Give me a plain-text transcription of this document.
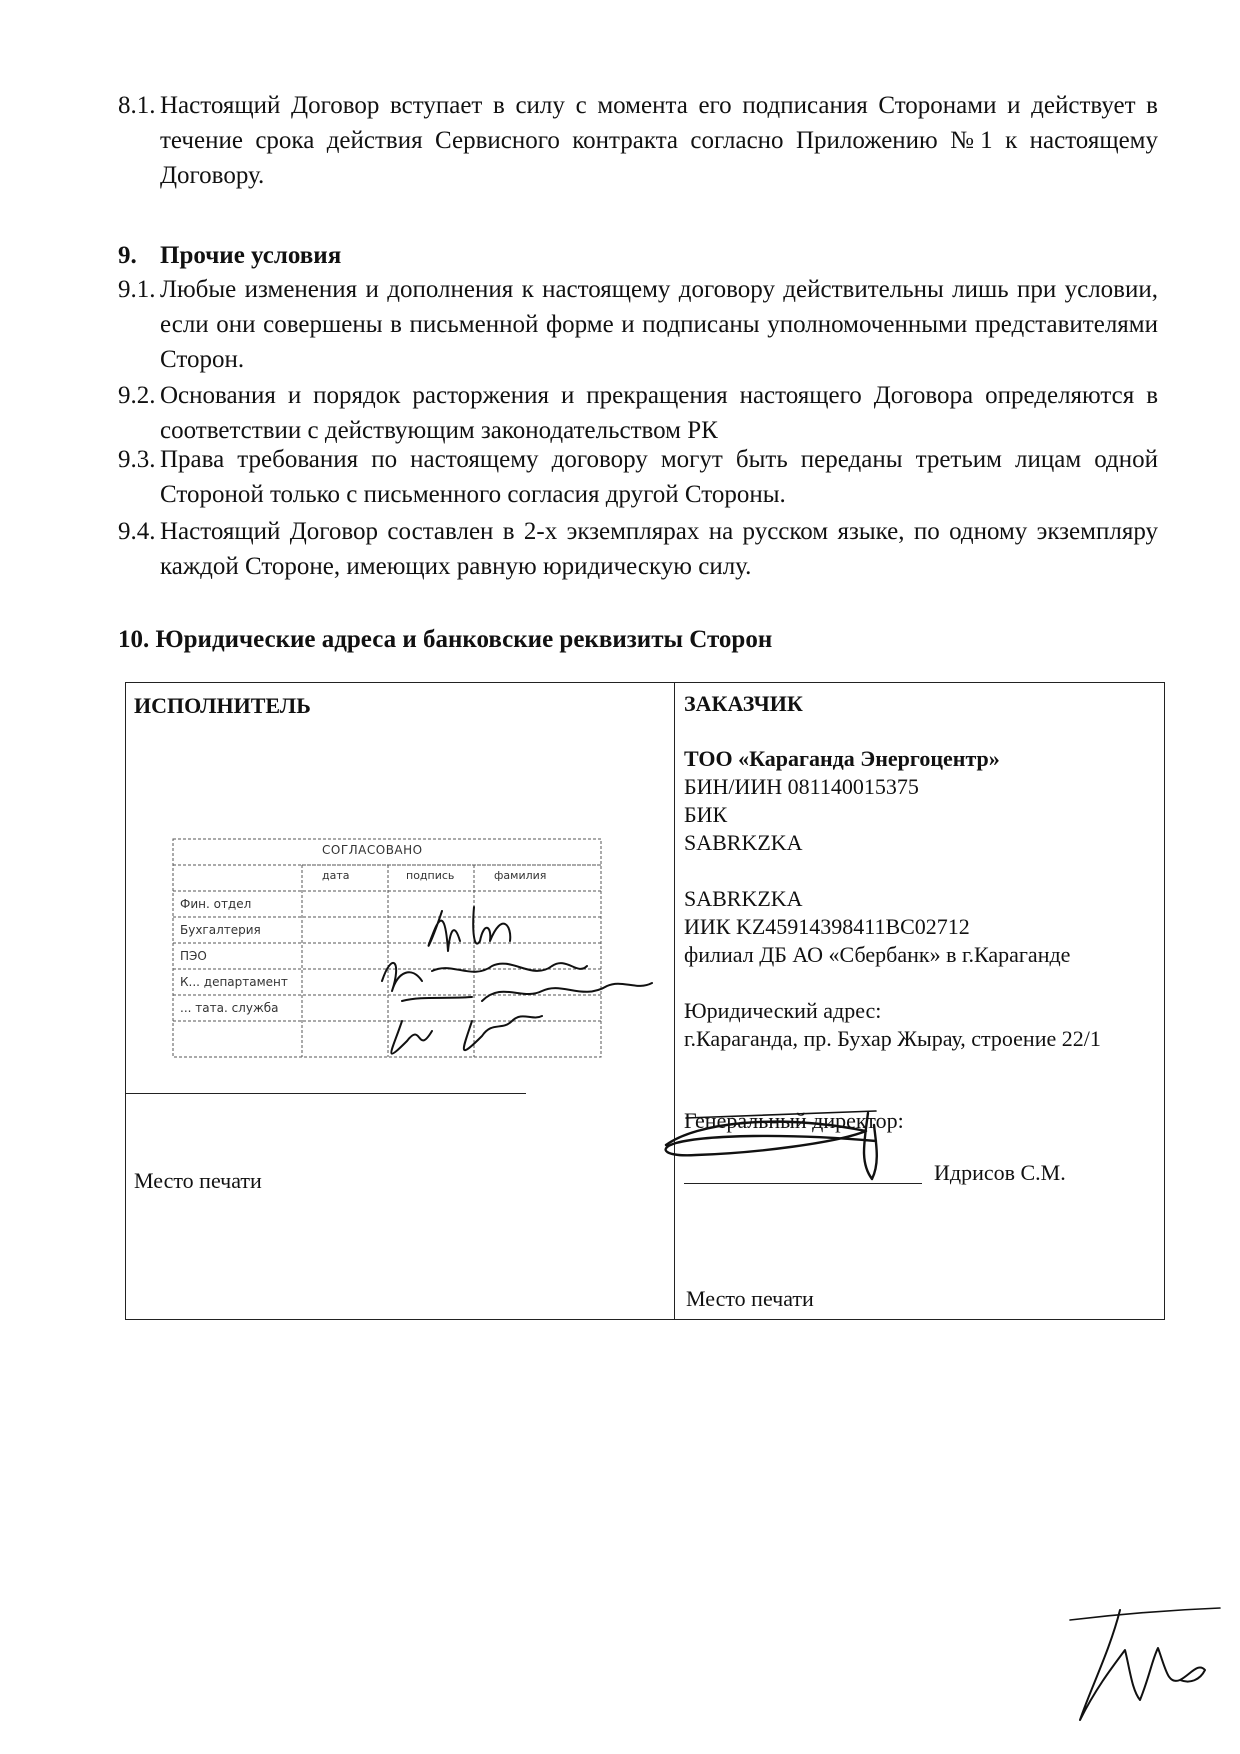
8.1. Настоящий Договор вступает в силу с момента его подписания Сторонами и действует в течение срока действия Сервисного контракта согласно Приложению №1 к настоящему Договору.
9. Прочие условия
9.1. Любые изменения и дополнения к настоящему договору действительны лишь при условии, если они совершены в письменной форме и подписаны уполномоченными представителями Сторон.
9.2. Основания и порядок расторжения и прекращения настоящего Договора определяются в соответствии с действующим законодательством РК
9.3. Права требования по настоящему договору могут быть переданы третьим лицам одной Стороной только с письменного согласия другой Стороны.
9.4. Настоящий Договор составлен в 2-х экземплярах на русском языке, по одному экземпляру каждой Стороне, имеющих равную юридическую силу.
10. Юридические адреса и банковские реквизиты Сторон
ИСПОЛНИТЕЛЬ
СОГЛАСОВАНО
дата	подпись	фамилия
Фин. отдел
Бухгалтерия
ПЭО
К... департамент
... тата. служба
Место печати
ЗАКАЗЧИК
ТОО «Караганда Энергоцентр»
БИН/ИИН 081140015375
БИК
SABRKZKA
SABRKZKA
ИИК KZ45914398411BC02712
филиал ДБ АО «Сбербанк» в г.Караганде
Юридический адрес:
г.Караганда, пр. Бухар Жырау, строение 22/1
Генеральный директор:
Идрисов С.М.
Место печати
